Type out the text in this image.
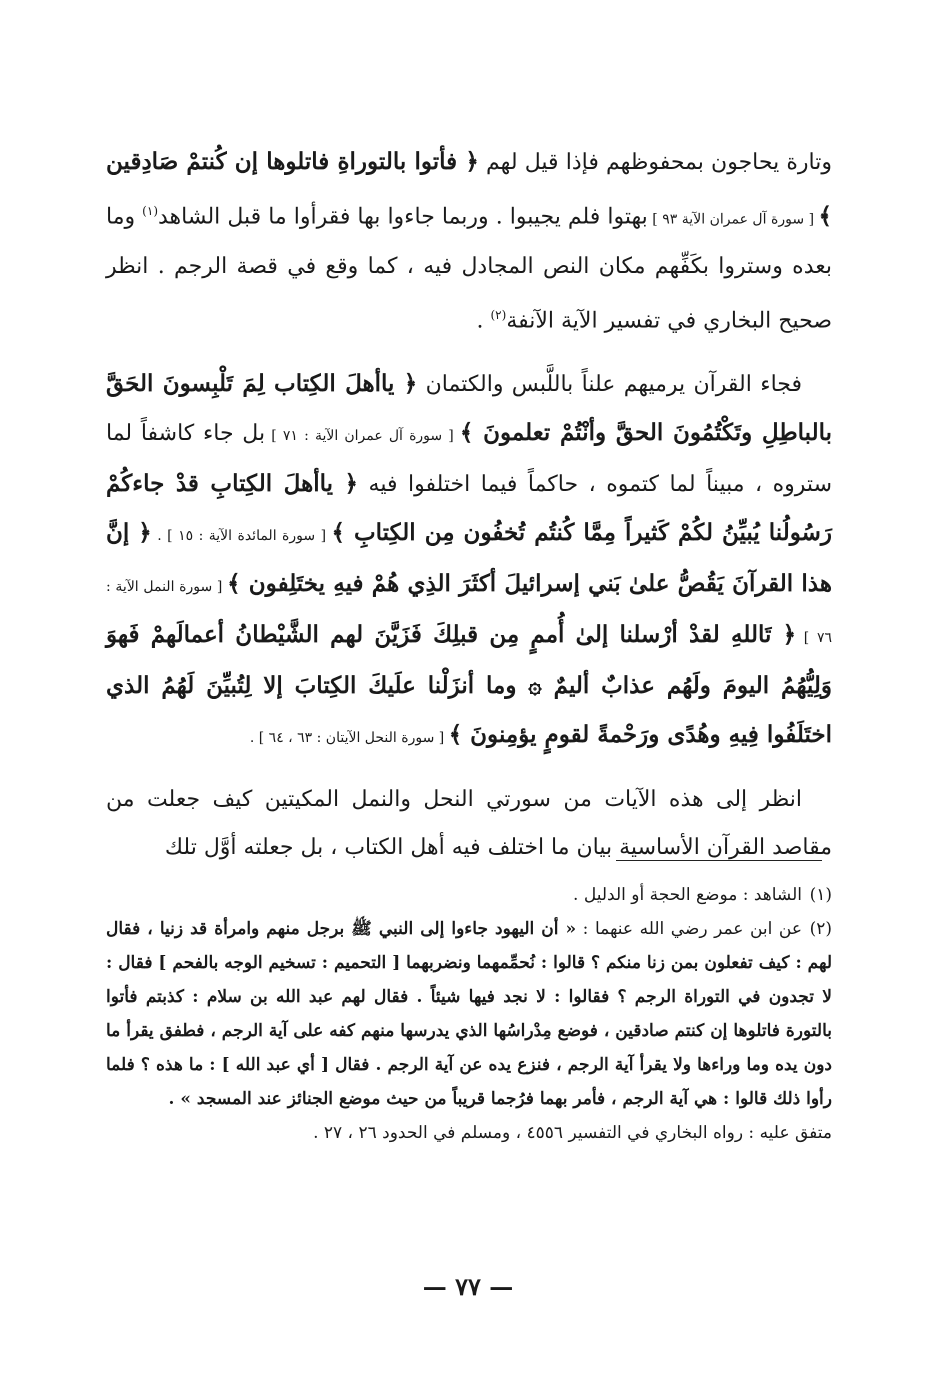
وتارة يحاجون بمحفوظهم فإذا قيل لهم ﴿ فأتوا بالتوراةِ فاتلوها إن كُنتمْ صَادِقين ﴾ [ سورة آل عمران الآية ٩٣ ] بهتوا فلم يجيبوا . وربما جاءوا بها فقرأوا ما قبل الشاهد$^{(١)}$ وما بعده وستروا بكَفِّهم مكان النص المجادل فيه ، كما وقع في قصة الرجم . انظر صحيح البخاري في تفسير الآية الآنفة$^{(٢)}$ .

فجاء القرآن يرميهم علناً باللَّبس والكتمان ﴿ ياأهلَ الكِتاب لِمَ تَلْبِسونَ الحَقَّ بالباطِلِ وتَكْتُمُونَ الحقَّ وأنْتُمْ تعلمونَ ﴾ [ سورة آل عمران الآية : ٧١ ] بل جاء كاشفاً لما ستروه ، مبيناً لما كتموه ، حاكماً فيما اختلفوا فيه ﴿ ياأهلَ الكِتابِ قدْ جاءكُمْ رَسُولُنا يُبيِّنُ لكُمْ كَثيراً مِمَّا كُنتُم تُخفُون مِن الكِتابِ ﴾ [ سورة المائدة الآية : ١٥ ] . ﴿ إنَّ هذا القرآنَ يَقُصُّ علىٰ بَني إسرائيلَ أكثَرَ الذِي هُمْ فيهِ يختَلِفون ﴾ [ سورة النمل الآية : ٧٦ ] ﴿ تَاللهِ لقدْ أرْسلنا إلىٰ أُممٍ مِن قبلِكَ فَزَيَّنَ لهم الشَّيْطانُ أعمالَهمْ فَهوَ وَلِيُّهُمُ اليومَ ولَهُم عذابٌ أليمٌ ۞ وما أنزَلْنا علَيكَ الكِتابَ إلا لِتُبيِّنَ لَهُمُ الذي اختَلَفُوا فِيهِ وهُدًى ورَحْمةً لقومٍ يؤمِنونَ ﴾ [ سورة النحل الآيتان : ٦٣ ، ٦٤ ] .

انظر إلى هذه الآيات من سورتي النحل والنمل المكيتين كيف جعلت من مقاصد القرآن الأساسية بيان ما اختلف فيه أهل الكتاب ، بل جعلته أوَّل تلك

(١)الشاهد : موضع الحجة أو الدليل .

(٢)عن ابن عمر رضي الله عنهما : « أن اليهود جاءوا إلى النبي ﷺ برجل منهم وامرأة قد زنيا ، فقال لهم : كيف تفعلون بمن زنا منكم ؟ قالوا : نُحمِّمهما ونضربهما [ التحميم : تسخيم الوجه بالفحم ] فقال : لا تجدون في التوراة الرجم ؟ فقالوا : لا نجد فيها شيئاً . فقال لهم عبد الله بن سلام : كذبتم فأتوا بالتورة فاتلوها إن كنتم صادقين ، فوضع مِدْراسُها الذي يدرسها منهم كفه على آية الرجم ، فطفق يقرأ ما دون يده وما وراءها ولا يقرأ آية الرجم ، فنزع يده عن آية الرجم . فقال [ أي عبد الله ] : ما هذه ؟ فلما رأوا ذلك قالوا : هي آية الرجم ، فأمر بهما فرُجما قريباً من حيث موضع الجنائز عند المسجد » .

متفق عليه : رواه البخاري في التفسير ٤٥٥٦ ، ومسلم في الحدود ٢٦ ، ٢٧ .

— ٧٧ —
